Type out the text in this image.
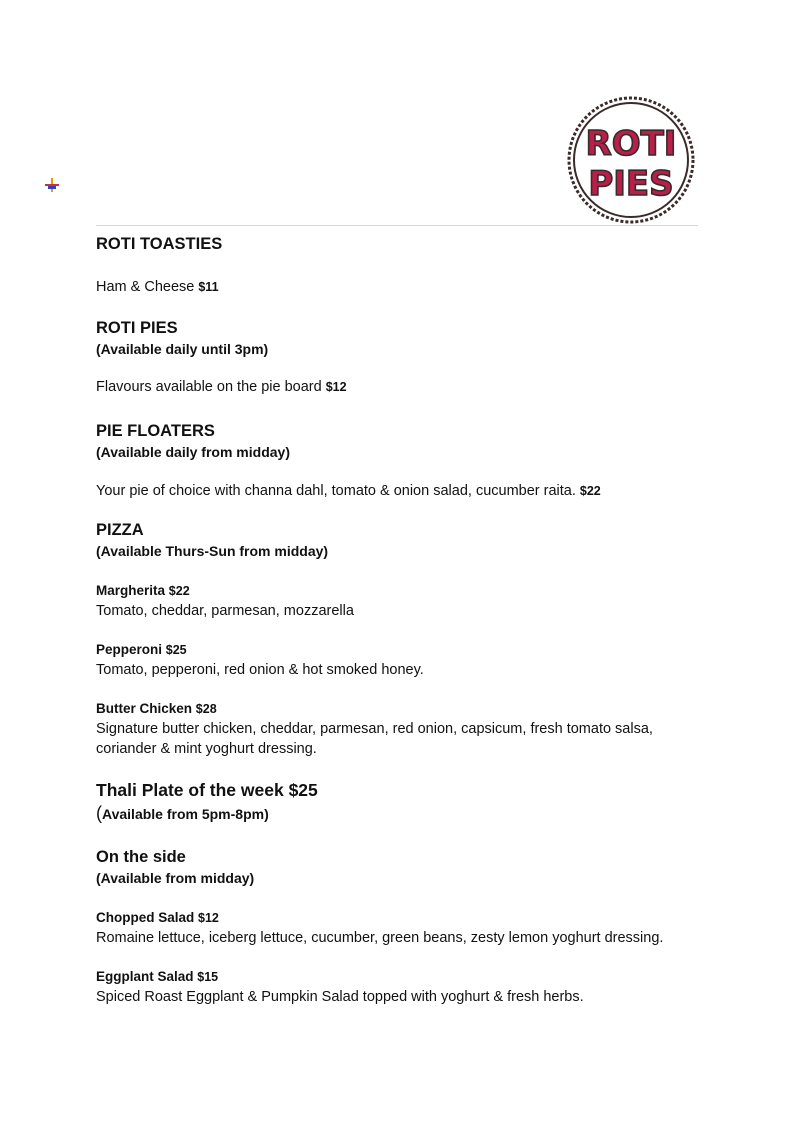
ROTI
PIES

ROTI TOASTIES

Ham & Cheese $11

ROTI PIES

(Available daily until 3pm)

Flavours available on the pie board $12

PIE FLOATERS

(Available daily from midday)

Your pie of choice with channa dahl, tomato & onion salad, cucumber raita. $22

PIZZA

(Available Thurs-Sun from midday)

Margherita $22

Tomato, cheddar, parmesan, mozzarella

Pepperoni $25

Tomato, pepperoni, red onion & hot smoked honey.

Butter Chicken $28

Signature butter chicken, cheddar, parmesan, red onion, capsicum, fresh tomato salsa, coriander & mint yoghurt dressing.

Thali Plate of the week $25

(Available from 5pm-8pm)

On the side

(Available from midday)

Chopped Salad $12

Romaine lettuce, iceberg lettuce, cucumber, green beans, zesty lemon yoghurt dressing.

Eggplant Salad $15

Spiced Roast Eggplant & Pumpkin Salad topped with yoghurt & fresh herbs.
